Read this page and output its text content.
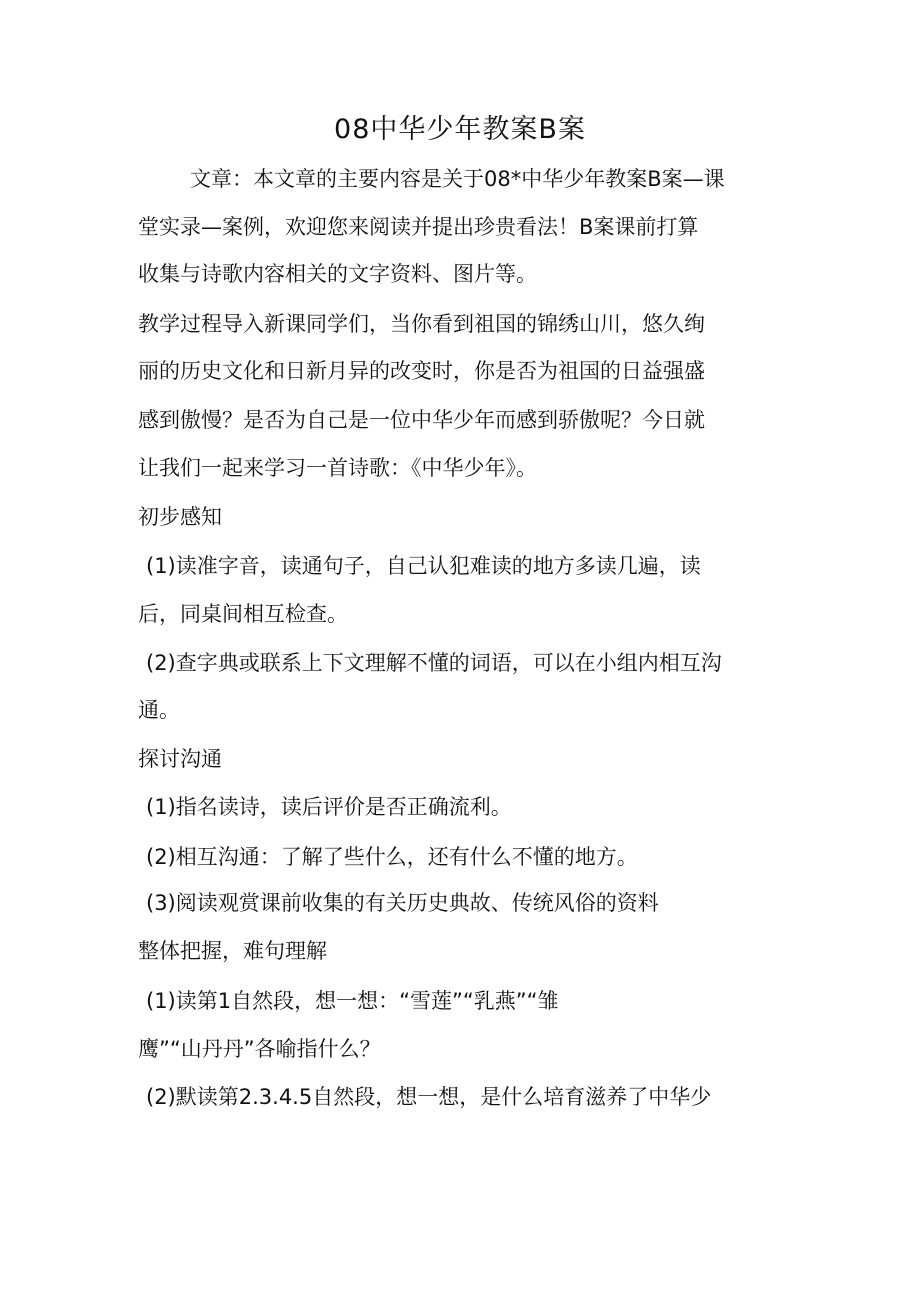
08中华少年教案B案
文章：本文章的主要内容是关于08*中华少年教案B案—课
堂实录—案例，欢迎您来阅读并提出珍贵看法！B案课前打算
收集与诗歌内容相关的文字资料、图片等。
教学过程导入新课同学们，当你看到祖国的锦绣山川，悠久绚
丽的历史文化和日新月异的改变时，你是否为祖国的日益强盛
感到傲慢？是否为自己是一位中华少年而感到骄傲呢？今日就
让我们一起来学习一首诗歌：《中华少年》。
初步感知
(1)读准字音，读通句子，自己认犯难读的地方多读几遍，读
后，同桌间相互检查。
(2)查字典或联系上下文理解不懂的词语，可以在小组内相互沟
通。
探讨沟通
(1)指名读诗，读后评价是否正确流利。
(2)相互沟通：了解了些什么，还有什么不懂的地方。
(3)阅读观赏课前收集的有关历史典故、传统风俗的资料
整体把握，难句理解
(1)读第1自然段，想一想：“雪莲”“乳燕”“雏
鹰”“山丹丹”各喻指什么？
(2)默读第2.3.4.5自然段，想一想，是什么培育滋养了中华少
